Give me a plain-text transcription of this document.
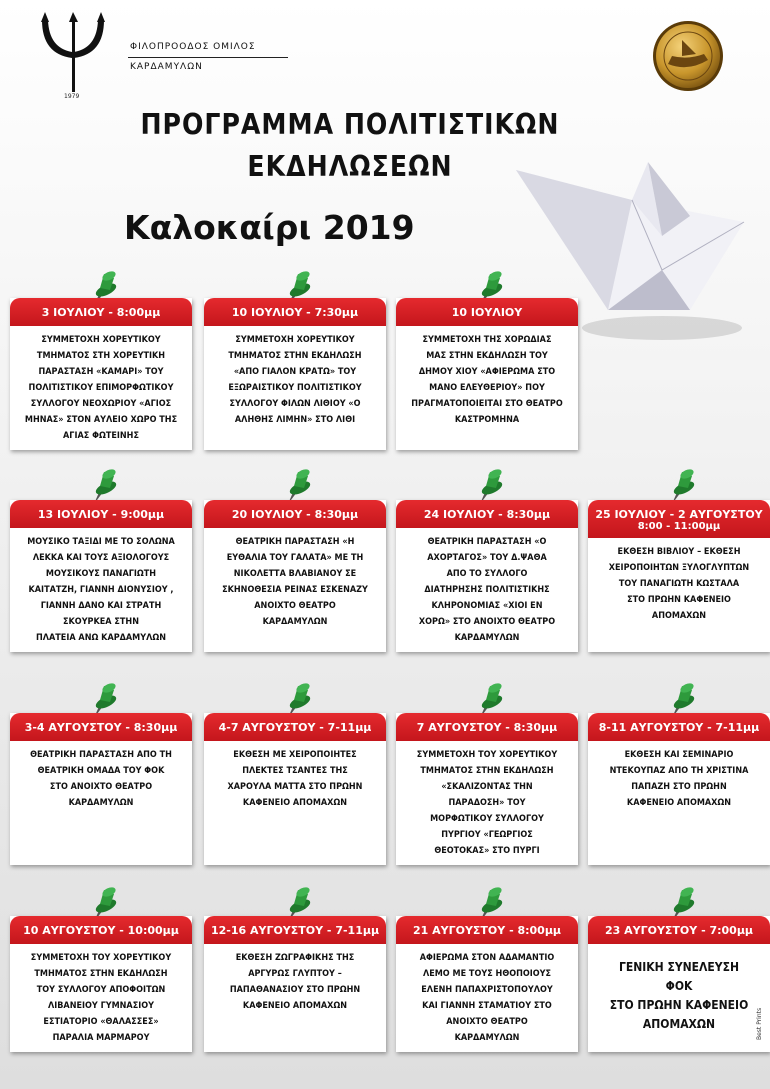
1979
ΦΙΛΟΠΡΟΟΔΟΣ ΟΜΙΛΟΣ
ΚΑΡΔΑΜΥΛΩΝ
ΠΡΟΓΡΑΜΜΑ ΠΟΛΙΤΙΣΤΙΚΩΝ
ΕΚΔΗΛΩΣΕΩΝ
Καλοκαίρι 2019
3 ΙΟΥΛΙΟΥ - 8:00μμ
ΣΥΜΜΕΤΟΧΗ ΧΟΡΕΥΤΙΚΟΥ
ΤΜΗΜΑΤΟΣ ΣΤΗ ΧΟΡΕΥΤΙΚΗ
ΠΑΡΑΣΤΑΣΗ «ΚΑΜΑΡΙ» ΤΟΥ
ΠΟΛΙΤΙΣΤΙΚΟΥ ΕΠΙΜΟΡΦΩΤΙΚΟΥ
ΣΥΛΛΟΓΟΥ ΝΕΟΧΩΡΙΟΥ «ΑΓΙΟΣ
ΜΗΝΑΣ» ΣΤΟΝ ΑΥΛΕΙΟ ΧΩΡΟ ΤΗΣ
ΑΓΙΑΣ ΦΩΤΕΙΝΗΣ
10 ΙΟΥΛΙΟΥ - 7:30μμ
ΣΥΜΜΕΤΟΧΗ ΧΟΡΕΥΤΙΚΟΥ
ΤΜΗΜΑΤΟΣ ΣΤΗΝ ΕΚΔΗΛΩΣΗ
«ΑΠΟ ΓΙΑΛΟΝ ΚΡΑΤΩ» ΤΟΥ
ΕΞΩΡΑΙΣΤΙΚΟΥ ΠΟΛΙΤΙΣΤΙΚΟΥ
ΣΥΛΛΟΓΟΥ ΦΙΛΩΝ ΛΙΘΙΟΥ «Ο
ΑΛΗΘΗΣ ΛΙΜΗΝ» ΣΤΟ ΛΙΘΙ
10 ΙΟΥΛΙΟΥ
ΣΥΜΜΕΤΟΧΗ ΤΗΣ ΧΟΡΩΔΙΑΣ
ΜΑΣ ΣΤΗΝ ΕΚΔΗΛΩΣΗ ΤΟΥ
ΔΗΜΟΥ ΧΙΟΥ «ΑΦΙΕΡΩΜΑ ΣΤΟ
ΜΑΝΟ ΕΛΕΥΘΕΡΙΟΥ» ΠΟΥ
ΠΡΑΓΜΑΤΟΠΟΙΕΙΤΑΙ ΣΤΟ ΘΕΑΤΡΟ
ΚΑΣΤΡΟΜΗΝΑ
13 ΙΟΥΛΙΟΥ - 9:00μμ
ΜΟΥΣΙΚΟ ΤΑΞΙΔΙ ΜΕ ΤΟ ΣΟΛΩΝΑ
ΛΕΚΚΑ ΚΑΙ ΤΟΥΣ ΑΞΙΟΛΟΓΟΥΣ
ΜΟΥΣΙΚΟΥΣ ΠΑΝΑΓΙΩΤΗ
ΚΑΙΤΑΤΖΗ, ΓΙΑΝΝΗ ΔΙΟΝΥΣΙΟΥ ,
ΓΙΑΝΝΗ ΔΑΝΟ ΚΑΙ ΣΤΡΑΤΗ
ΣΚΟΥΡΚΕΑ ΣΤΗΝ
ΠΛΑΤΕΙΑ ΑΝΩ ΚΑΡΔΑΜΥΛΩΝ
20 ΙΟΥΛΙΟΥ - 8:30μμ
ΘΕΑΤΡΙΚΗ ΠΑΡΑΣΤΑΣΗ «Η
ΕΥΘΑΛΙΑ ΤΟΥ ΓΑΛΑΤΑ» ΜΕ ΤΗ
ΝΙΚΟΛΕΤΤΑ ΒΛΑΒΙΑΝΟΥ ΣΕ
ΣΚΗΝΟΘΕΣΙΑ ΡΕΙΝΑΣ ΕΣΚΕΝΑΖΥ
ΑΝΟΙΧΤΟ ΘΕΑΤΡΟ
ΚΑΡΔΑΜΥΛΩΝ
24 ΙΟΥΛΙΟΥ - 8:30μμ
ΘΕΑΤΡΙΚΗ ΠΑΡΑΣΤΑΣΗ «Ο
ΑΧΟΡΤΑΓΟΣ» ΤΟΥ Δ.ΨΑΘΑ
ΑΠΟ ΤΟ ΣΥΛΛΟΓΟ
ΔΙΑΤΗΡΗΣΗΣ ΠΟΛΙΤΙΣΤΙΚΗΣ
ΚΛΗΡΟΝΟΜΙΑΣ «ΧΙΟΙ ΕΝ
ΧΟΡΩ» ΣΤΟ ΑΝΟΙΧΤΟ ΘΕΑΤΡΟ
ΚΑΡΔΑΜΥΛΩΝ
25 ΙΟΥΛΙΟΥ - 2 ΑΥΓΟΥΣΤΟΥ
8:00 - 11:00μμ
ΕΚΘΕΣΗ ΒΙΒΛΙΟΥ – ΕΚΘΕΣΗ
ΧΕΙΡΟΠΟΙΗΤΩΝ ΞΥΛΟΓΛΥΠΤΩΝ
ΤΟΥ ΠΑΝΑΓΙΩΤΗ ΚΩΣΤΑΛΑ
ΣΤΟ ΠΡΩΗΝ ΚΑΦΕΝΕΙΟ
ΑΠΟΜΑΧΩΝ
3-4 ΑΥΓΟΥΣΤΟΥ - 8:30μμ
ΘΕΑΤΡΙΚΗ ΠΑΡΑΣΤΑΣΗ ΑΠΟ ΤΗ
ΘΕΑΤΡΙΚΗ ΟΜΑΔΑ ΤΟΥ ΦΟΚ
ΣΤΟ ΑΝΟΙΧΤΟ ΘΕΑΤΡΟ
ΚΑΡΔΑΜΥΛΩΝ
4-7 ΑΥΓΟΥΣΤΟΥ - 7-11μμ
ΕΚΘΕΣΗ ΜΕ ΧΕΙΡΟΠΟΙΗΤΕΣ
ΠΛΕΚΤΕΣ ΤΣΑΝΤΕΣ ΤΗΣ
ΧΑΡΟΥΛΑ ΜΑΤΤΑ ΣΤΟ ΠΡΩΗΝ
ΚΑΦΕΝΕΙΟ ΑΠΟΜΑΧΩΝ
7 ΑΥΓΟΥΣΤΟΥ - 8:30μμ
ΣΥΜΜΕΤΟΧΗ ΤΟΥ ΧΟΡΕΥΤΙΚΟΥ
ΤΜΗΜΑΤΟΣ ΣΤΗΝ ΕΚΔΗΛΩΣΗ
«ΣΚΑΛΙΖΟΝΤΑΣ ΤΗΝ
ΠΑΡΑΔΟΣΗ» ΤΟΥ
ΜΟΡΦΩΤΙΚΟΥ ΣΥΛΛΟΓΟΥ
ΠΥΡΓΙΟΥ «ΓΕΩΡΓΙΟΣ
ΘΕΟΤΟΚΑΣ» ΣΤΟ ΠΥΡΓΙ
8-11 ΑΥΓΟΥΣΤΟΥ - 7-11μμ
ΕΚΘΕΣΗ ΚΑΙ ΣΕΜΙΝΑΡΙΟ
ΝΤΕΚΟΥΠΑΖ ΑΠΟ ΤΗ ΧΡΙΣΤΙΝΑ
ΠΑΠΑΖΗ ΣΤΟ ΠΡΩΗΝ
ΚΑΦΕΝΕΙΟ ΑΠΟΜΑΧΩΝ
10 ΑΥΓΟΥΣΤΟΥ - 10:00μμ
ΣΥΜΜΕΤΟΧΗ ΤΟΥ ΧΟΡΕΥΤΙΚΟΥ
ΤΜΗΜΑΤΟΣ ΣΤΗΝ ΕΚΔΗΛΩΣΗ
ΤΟΥ ΣΥΛΛΟΓΟΥ ΑΠΟΦΟΙΤΩΝ
ΛΙΒΑΝΕΙΟΥ ΓΥΜΝΑΣΙΟΥ
ΕΣΤΙΑΤΟΡΙΟ «ΘΑΛΑΣΣΕΣ»
ΠΑΡΑΛΙΑ ΜΑΡΜΑΡΟΥ
12-16 ΑΥΓΟΥΣΤΟΥ - 7-11μμ
ΕΚΘΕΣΗ ΖΩΓΡΑΦΙΚΗΣ ΤΗΣ
ΑΡΓΥΡΩΣ ΓΛΥΠΤΟΥ –
ΠΑΠΑΘΑΝΑΣΙΟΥ ΣΤΟ ΠΡΩΗΝ
ΚΑΦΕΝΕΙΟ ΑΠΟΜΑΧΩΝ
21 ΑΥΓΟΥΣΤΟΥ - 8:00μμ
ΑΦΙΕΡΩΜΑ ΣΤΟΝ ΑΔΑΜΑΝΤΙΟ
ΛΕΜΟ ΜΕ ΤΟΥΣ ΗΘΟΠΟΙΟΥΣ
ΕΛΕΝΗ ΠΑΠΑΧΡΙΣΤΟΠΟΥΛΟΥ
ΚΑΙ ΓΙΑΝΝΗ ΣΤΑΜΑΤΙΟΥ ΣΤΟ
ΑΝΟΙΧΤΟ ΘΕΑΤΡΟ
ΚΑΡΔΑΜΥΛΩΝ
23 ΑΥΓΟΥΣΤΟΥ - 7:00μμ
ΓΕΝΙΚΗ ΣΥΝΕΛΕΥΣΗ
ΦΟΚ
ΣΤΟ ΠΡΩΗΝ ΚΑΦΕΝΕΙΟ
ΑΠΟΜΑΧΩΝ	Best Prints
